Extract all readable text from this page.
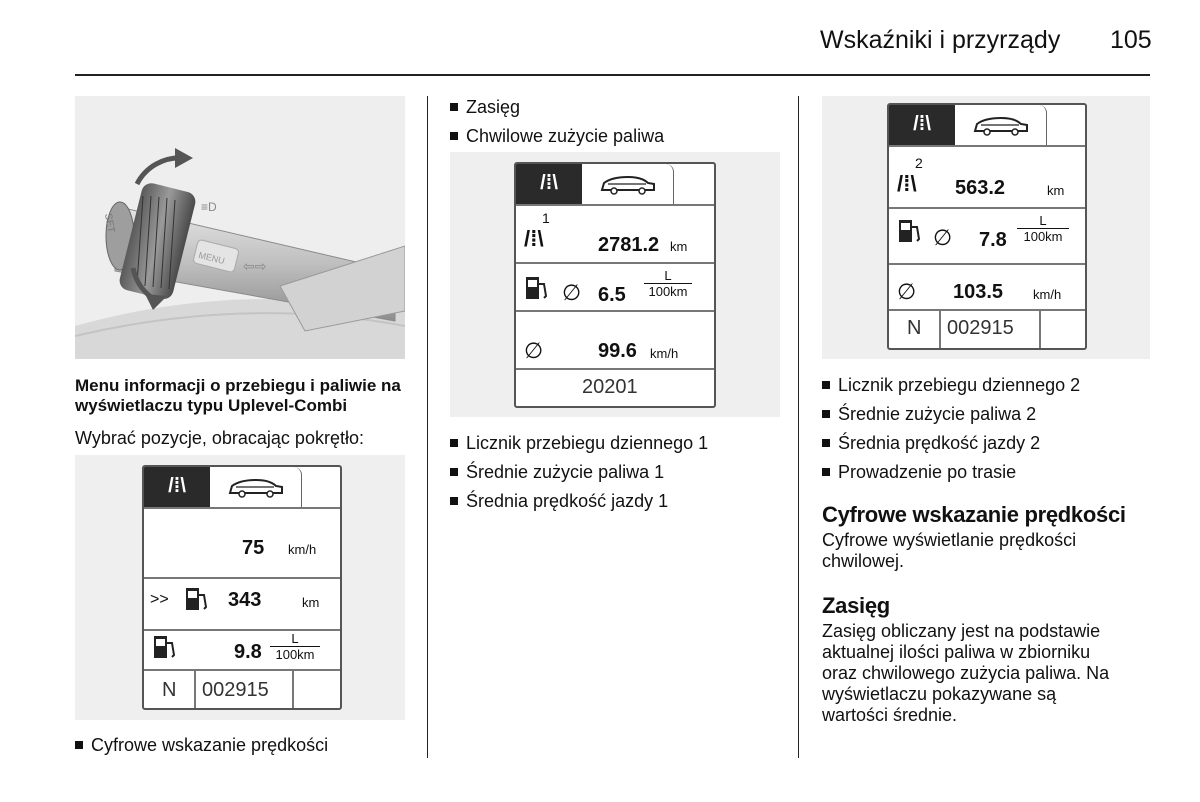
Wskaźniki i przyrządy 105
MENU
SET
⇦⇨
≡D
Menu informacji o przebiegu i paliwie na wyświetlaczu typu Uplevel-Combi
Wybrać pozycje, obracając pokrętło:
/⁞\
75 km/h
>>	343	km
$9.8 \frac{L}{100km}$
N 002915
Cyfrowe wskazanie prędkości
Zasięg
Chwilowe zużycie paliwa
/⁞\
1
/⁞\	2781.2 km
∅ $6.5 \frac{L}{100km}$
∅	99.6 km/h
20201
Licznik przebiegu dziennego 1
Średnie zużycie paliwa 1
Średnia prędkość jazdy 1
/⁞\
2
/⁞\ 563.2	km
∅ $7.8 \frac{L}{100km}$
∅ 103.5 km/h
N 002915
Licznik przebiegu dziennego 2
Średnie zużycie paliwa 2
Średnia prędkość jazdy 2
Prowadzenie po trasie
Cyfrowe wskazanie prędkości
Cyfrowe wyświetlanie prędkości
chwilowej.
Zasięg
Zasięg obliczany jest na podstawie
aktualnej ilości paliwa w zbiorniku
oraz chwilowego zużycia paliwa. Na
wyświetlaczu pokazywane są
wartości średnie.
